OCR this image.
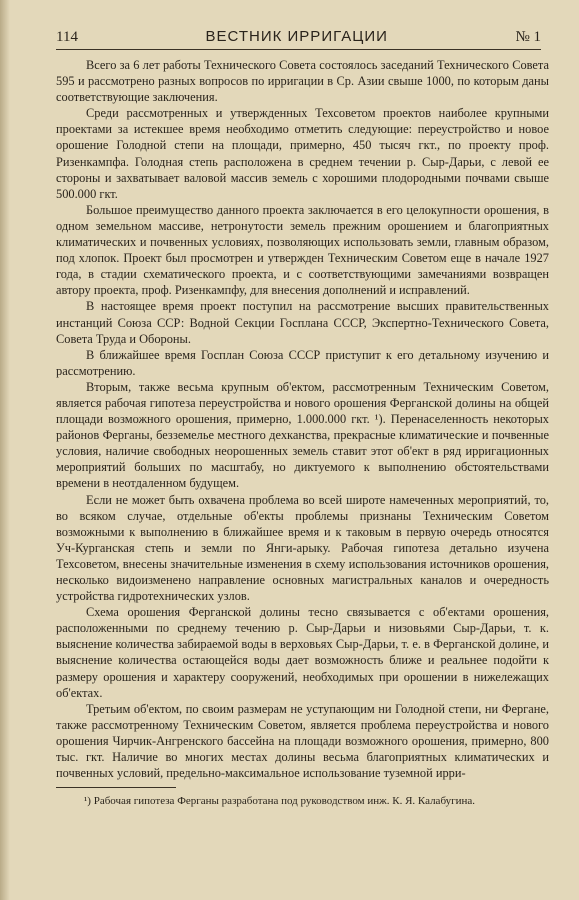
114	ВЕСТНИК ИРРИГАЦИИ	№ 1

Всего за 6 лет работы Технического Совета состоялось заседаний Технического Совета 595 и рассмотрено разных вопросов по ирригации в Ср. Азии свыше 1000, по которым даны соответствующие заключения.

Среди рассмотренных и утвержденных Техсоветом проектов наиболее крупными проектами за истекшее время необходимо отметить следующие: переустройство и новое орошение Голодной степи на площади, примерно, 450 тысяч гкт., по проекту проф. Ризенкампфа. Голодная степь расположена в среднем течении р. Сыр-Дарьи, с левой ее стороны и захватывает валовой массив земель с хорошими плодородными почвами свыше 500.000 гкт.

Большое преимущество данного проекта заключается в его целокупности орошения, в одном земельном массиве, нетронутости земель прежним орошением и благоприятных климатических и почвенных условиях, позволяющих использовать земли, главным образом, под хлопок. Проект был просмотрен и утвержден Техническим Советом еще в начале 1927 года, в стадии схематического проекта, и с соответствующими замечаниями возвращен автору проекта, проф. Ризенкампфу, для внесения дополнений и исправлений.

В настоящее время проект поступил на рассмотрение высших правительственных инстанций Союза ССР: Водной Секции Госплана СССР, Экспертно-Технического Совета, Совета Труда и Обороны.

В ближайшее время Госплан Союза СССР приступит к его детальному изучению и рассмотрению.

Вторым, также весьма крупным об'ектом, рассмотренным Техническим Советом, является рабочая гипотеза переустройства и нового орошения Ферганской долины на общей площади возможного орошения, примерно, 1.000.000 гкт. ¹). Перенаселенность некоторых районов Ферганы, безземелье местного дехканства, прекрасные климатические и почвенные условия, наличие свободных неорошенных земель ставит этот об'ект в ряд ирригационных мероприятий больших по масштабу, но диктуемого к выполнению обстоятельствами времени в неотдаленном будущем.

Если не может быть охвачена проблема во всей широте намеченных мероприятий, то, во всяком случае, отдельные об'екты проблемы признаны Техническим Советом возможными к выполнению в ближайшее время и к таковым в первую очередь относятся Уч-Курганская степь и земли по Янги-арыку. Рабочая гипотеза детально изучена Техсоветом, внесены значительные изменения в схему использования источников орошения, несколько видоизменено направление основных магистральных каналов и очередность устройства гидротехнических узлов.

Схема орошения Ферганской долины тесно связывается с об'ектами орошения, расположенными по среднему течению р. Сыр-Дарьи и низовьями Сыр-Дарьи, т. к. выяснение количества забираемой воды в верховьях Сыр-Дарьи, т. е. в Ферганской долине, и выяснение количества остающейся воды дает возможность ближе и реальнее подойти к размеру орошения и характеру сооружений, необходимых при орошении в нижележащих об'ектах.

Третьим об'ектом, по своим размерам не уступающим ни Голодной степи, ни Фергане, также рассмотренному Техническим Советом, является проблема переустройства и нового орошения Чирчик-Ангренского бассейна на площади возможного орошения, примерно, 800 тыс. гкт. Наличие во многих местах долины весьма благоприятных климатических и почвенных условий, предельно-максимальное использование туземной ирри-

¹) Рабочая гипотеза Ферганы разработана под руководством инж. К. Я. Калабугина.
